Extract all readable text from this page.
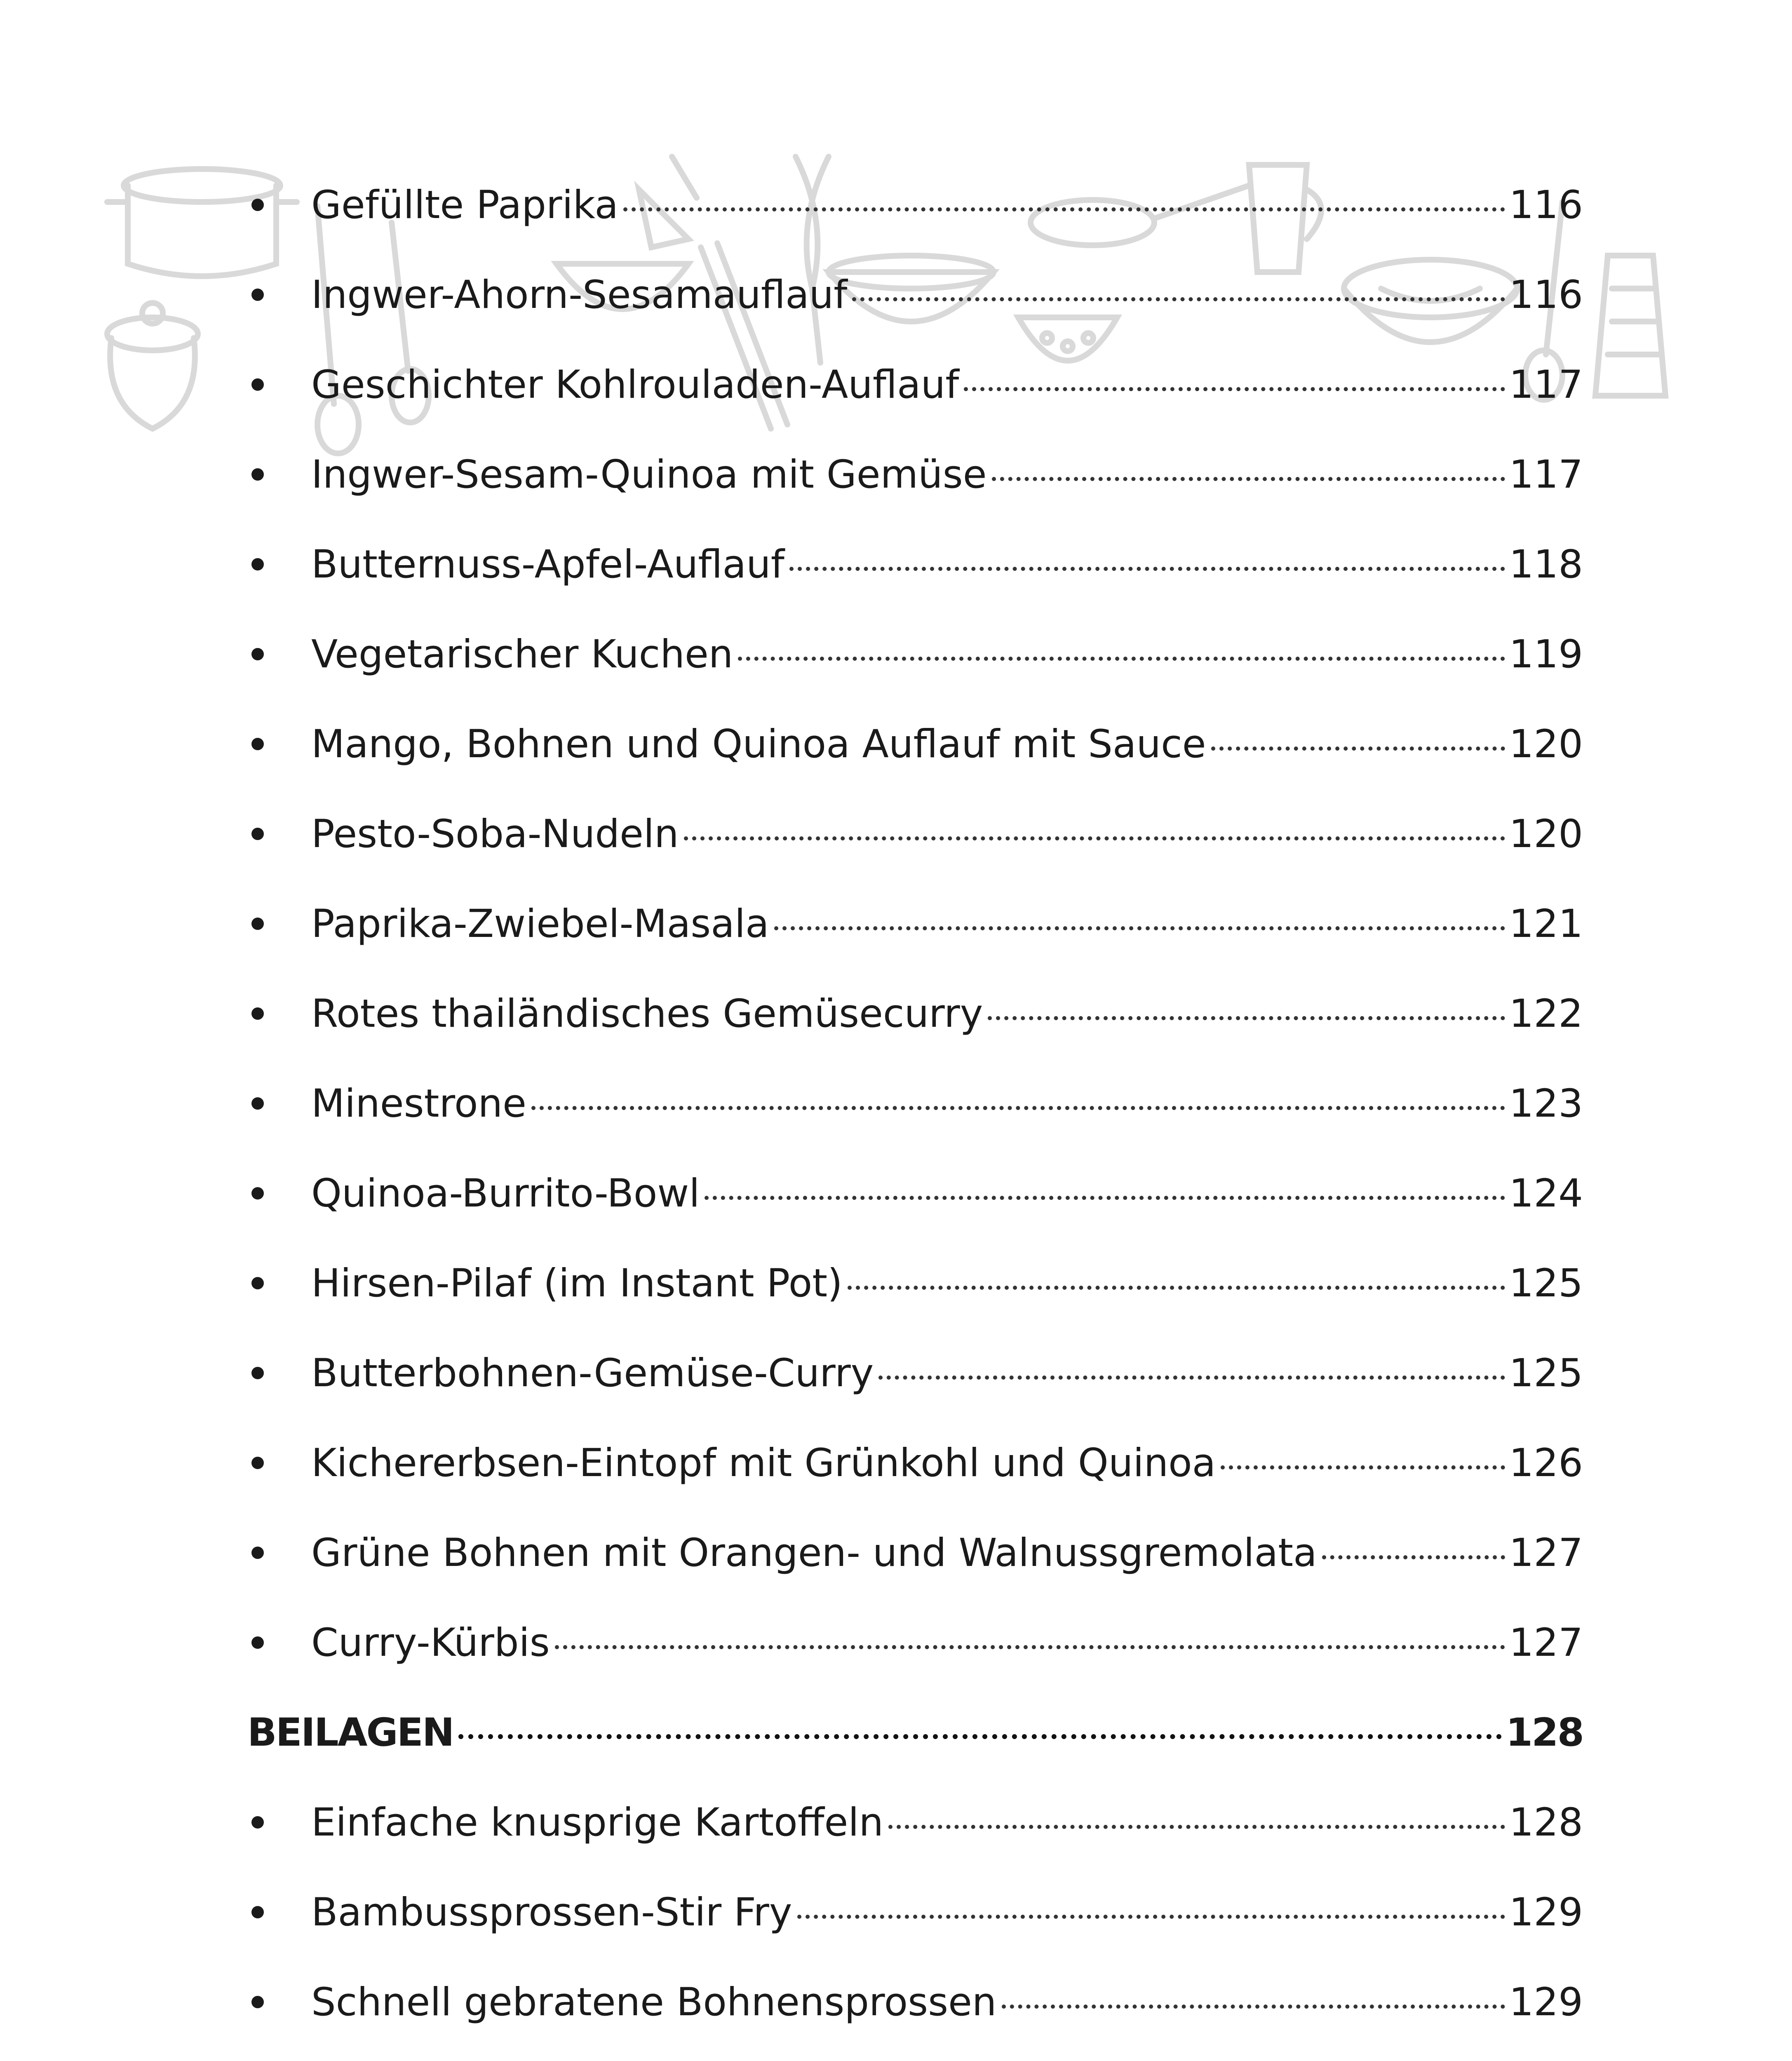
Gefüllte Paprika	116
Ingwer-Ahorn-Sesamauflauf	116
Geschichter Kohlrouladen-Auflauf	117
Ingwer-Sesam-Quinoa mit Gemüse	117
Butternuss-Apfel-Auflauf	118
Vegetarischer Kuchen	119
Mango, Bohnen und Quinoa Auflauf mit Sauce	120
Pesto-Soba-Nudeln	120
Paprika-Zwiebel-Masala	121
Rotes thailändisches Gemüsecurry	122
Minestrone	123
Quinoa-Burrito-Bowl	124
Hirsen-Pilaf (im Instant Pot)	125
Butterbohnen-Gemüse-Curry	125
Kichererbsen-Eintopf mit Grünkohl und Quinoa	126
Grüne Bohnen mit Orangen- und Walnussgremolata	127
Curry-Kürbis	127
BEILAGEN	128
Einfache knusprige Kartoffeln	128
Bambussprossen-Stir Fry	129
Schnell gebratene Bohnensprossen	129
